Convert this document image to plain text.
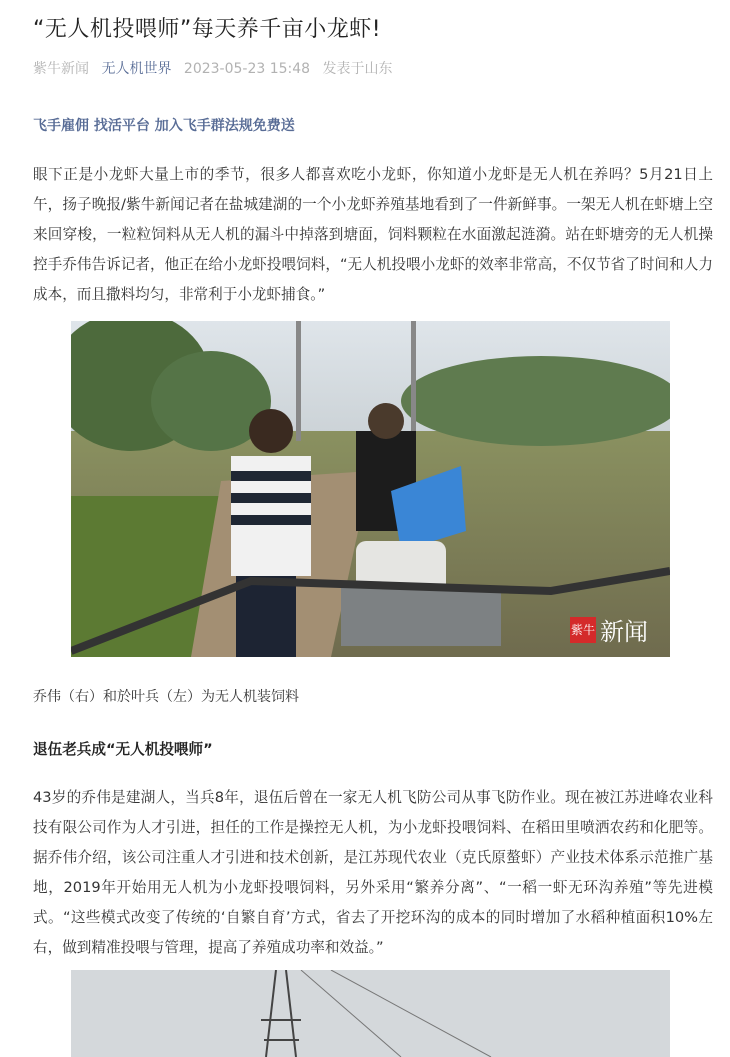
“无人机投喂师”每天养千亩小龙虾!
紫牛新闻 无人机世界 2023-05-23 15:48 发表于山东
飞手雇佣 找活平台 加入飞手群法规免费送

眼下正是小龙虾大量上市的季节，很多人都喜欢吃小龙虾，你知道小龙虾是无人机在养吗？5月21日上午，扬子晚报/紫牛新闻记者在盐城建湖的一个小龙虾养殖基地看到了一件新鲜事。一架无人机在虾塘上空来回穿梭，一粒粒饲料从无人机的漏斗中掉落到塘面，饲料颗粒在水面激起涟漪。站在虾塘旁的无人机操控手乔伟告诉记者，他正在给小龙虾投喂饲料，“无人机投喂小龙虾的效率非常高，不仅节省了时间和人力成本，而且撒料均匀，非常利于小龙虾捕食。”

紫牛 新闻
乔伟（右）和於叶兵（左）为无人机装饲料
退伍老兵成“无人机投喂师”

43岁的乔伟是建湖人，当兵8年，退伍后曾在一家无人机飞防公司从事飞防作业。现在被江苏进峰农业科技有限公司作为人才引进，担任的工作是操控无人机，为小龙虾投喂饲料、在稻田里喷洒农药和化肥等。据乔伟介绍，该公司注重人才引进和技术创新，是江苏现代农业（克氏原螯虾）产业技术体系示范推广基地，2019年开始用无人机为小龙虾投喂饲料，另外采用“繁养分离”、“一稻一虾无环沟养殖”等先进模式。“这些模式改变了传统的‘自繁自育’方式，省去了开挖环沟的成本的同时增加了水稻种植面积10%左右，做到精准投喂与管理，提高了养殖成功率和效益。”
